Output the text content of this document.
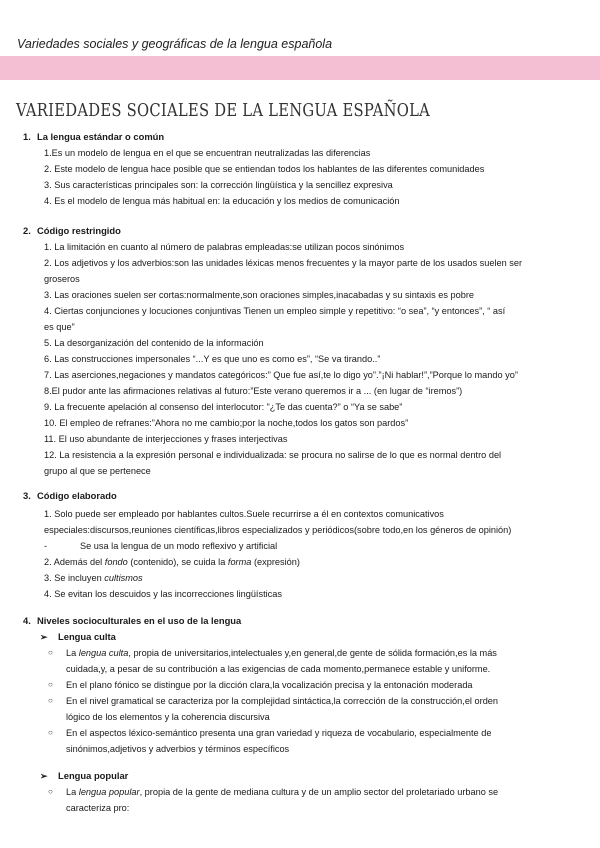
Variedades sociales y geográficas de la lengua española
VARIEDADES SOCIALES DE LA LENGUA ESPAÑOLA
1. La lengua estándar o común
1.Es un modelo de lengua en el que se encuentran neutralizadas las diferencias
2. Este modelo de lengua hace posible que se entiendan todos los hablantes de las diferentes comunidades
3. Sus características principales son: la corrección lingüística y la sencillez expresiva
4. Es el modelo de lengua más habitual en: la educación y los medios de comunicación
2. Código restringido
1. La limitación en cuanto al número de palabras empleadas:se utilizan pocos sinónimos
2. Los adjetivos y los adverbios:son las unidades léxicas menos frecuentes y la mayor parte de los usados suelen ser
groseros
3. Las oraciones suelen ser cortas:normalmente,son oraciones simples,inacabadas y su sintaxis es pobre
4. Ciertas conjunciones y locuciones conjuntivas Tienen un empleo simple y repetitivo: “o sea”, “y entonces”, “ así
es que”
5. La desorganización del contenido de la información
6. Las construcciones impersonales “...Y es que uno es como es”, “Se va tirando..”
7. Las aserciones,negaciones y mandatos categóricos:” Que fue así,te lo digo yo”.”¡Ni hablar!”,”Porque lo mando yo”
8.El pudor ante las afirmaciones relativas al futuro:”Este verano queremos ir a ... (en lugar de “iremos”)
9. La frecuente apelación al consenso del interlocutor: ”¿Te das cuenta?” o “Ya se sabe”
10. El empleo de refranes:”Ahora no me cambio;por la noche,todos los gatos son pardos”
11. El uso abundante de interjecciones y frases interjectivas
12. La resistencia a la expresión personal e individualizada: se procura no salirse de lo que es normal dentro del
grupo al que se pertenece
3. Código elaborado
1. Solo puede ser empleado por hablantes cultos.Suele recurrirse a él en contextos comunicativos
especiales:discursos,reuniones científicas,libros especializados y periódicos(sobre todo,en los géneros de opinión)
-	Se usa la lengua de un modo reflexivo y artificial
2. Además del fondo (contenido), se cuida la forma (expresión)
3. Se incluyen cultismos
4. Se evitan los descuidos y las incorrecciones lingüísticas
4. Niveles socioculturales en el uso de la lengua
➢ Lengua culta
○ La lengua culta, propia de universitarios,intelectuales y,en general,de gente de sólida formación,es la más
cuidada,y, a pesar de su contribución a las exigencias de cada momento,permanece estable y uniforme.
○ En el plano fónico se distingue por la dicción clara,la vocalización precisa y la entonación moderada
○ En el nivel gramatical se caracteriza por la complejidad sintáctica,la corrección de la construcción,el orden
lógico de los elementos y la coherencia discursiva
○ En el aspectos léxico-semántico presenta una gran variedad y riqueza de vocabulario, especialmente de
sinónimos,adjetivos y adverbios y términos específicos
➢ Lengua popular
○ La lengua popular, propia de la gente de mediana cultura y de un amplio sector del proletariado urbano se
caracteriza pro:
